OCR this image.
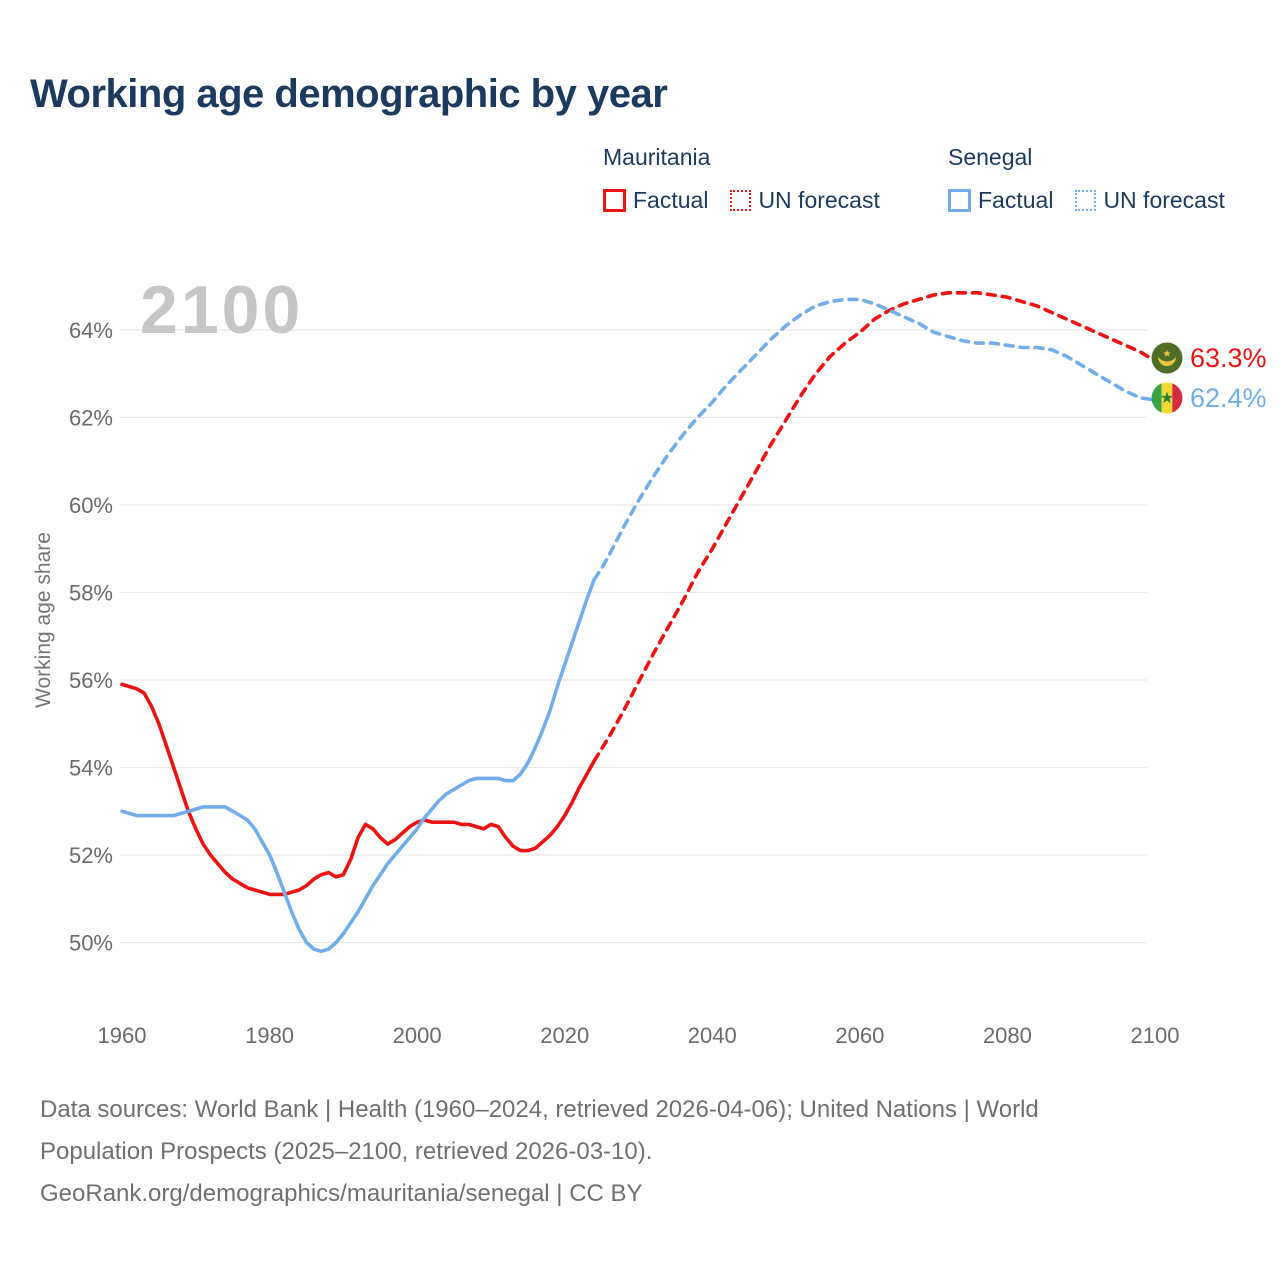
Working age demographic by year
Mauritania
Factual UN forecast
Senegal
Factual UN forecast
2100
Working age share
50%
52%
54%
56%
58%
60%
62%
64%
1960	1980	2000	2020	2040	2060	2080	2100
63.3%
62.4%
Data sources: World Bank | Health (1960–2024, retrieved 2026-04-06); United Nations | World
Population Prospects (2025–2100, retrieved 2026-03-10).
GeoRank.org/demographics/mauritania/senegal | CC BY
